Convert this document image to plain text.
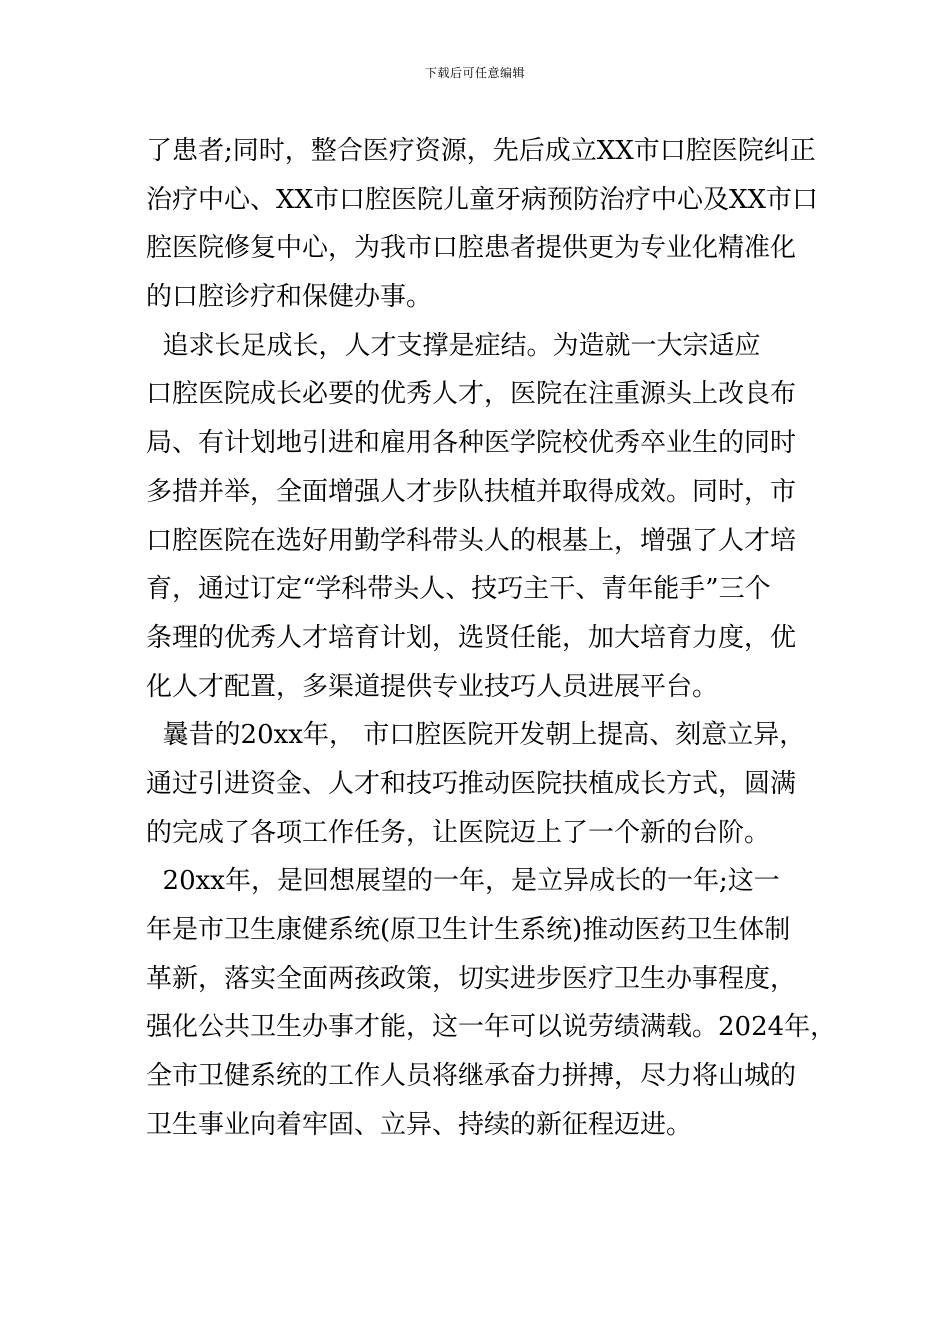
下载后可任意编辑
了患者;同时，整合医疗资源，先后成立XX市口腔医院纠正
治疗中心、XX市口腔医院儿童牙病预防治疗中心及XX市口
腔医院修复中心，为我市口腔患者提供更为专业化精准化
的口腔诊疗和保健办事。
追求长足成长，人才支撑是症结。为造就一大宗适应
口腔医院成长必要的优秀人才，医院在注重源头上改良布
局、有计划地引进和雇用各种医学院校优秀卒业生的同时
多措并举，全面增强人才步队扶植并取得成效。同时，市
口腔医院在选好用勤学科带头人的根基上，增强了人才培
育，通过订定“学科带头人、技巧主干、青年能手”三个
条理的优秀人才培育计划，选贤任能，加大培育力度，优
化人才配置，多渠道提供专业技巧人员进展平台。
曩昔的20xx年， 市口腔医院开发朝上提高、刻意立异，
通过引进资金、人才和技巧推动医院扶植成长方式，圆满
的完成了各项工作任务，让医院迈上了一个新的台阶。
20xx年，是回想展望的一年，是立异成长的一年;这一
年是市卫生康健系统(原卫生计生系统)推动医药卫生体制
革新，落实全面两孩政策，切实进步医疗卫生办事程度，
强化公共卫生办事才能，这一年可以说劳绩满载。2024年，
全市卫健系统的工作人员将继承奋力拼搏，尽力将山城的
卫生事业向着牢固、立异、持续的新征程迈进。
